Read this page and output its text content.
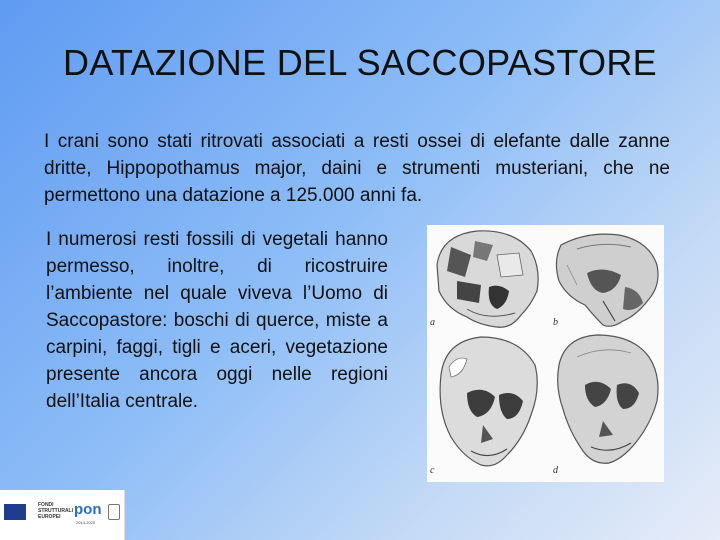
DATAZIONE DEL SACCOPASTORE
I crani sono stati ritrovati associati a resti ossei di elefante dalle zanne dritte, Hippopothamus major, daini e strumenti musteriani, che ne permettono una datazione a 125.000 anni fa.
I numerosi resti fossili di vegetali hanno permesso, inoltre, di ricostruire l’ambiente nel quale viveva l’Uomo di Saccopastore: boschi di querce, miste a carpini, faggi, tigli e aceri, vegetazione presente ancora oggi nelle regioni dell’Italia centrale.
a	b
c	d
FONDI
STRUTTURALI
EUROPEI pon
2014-2020
